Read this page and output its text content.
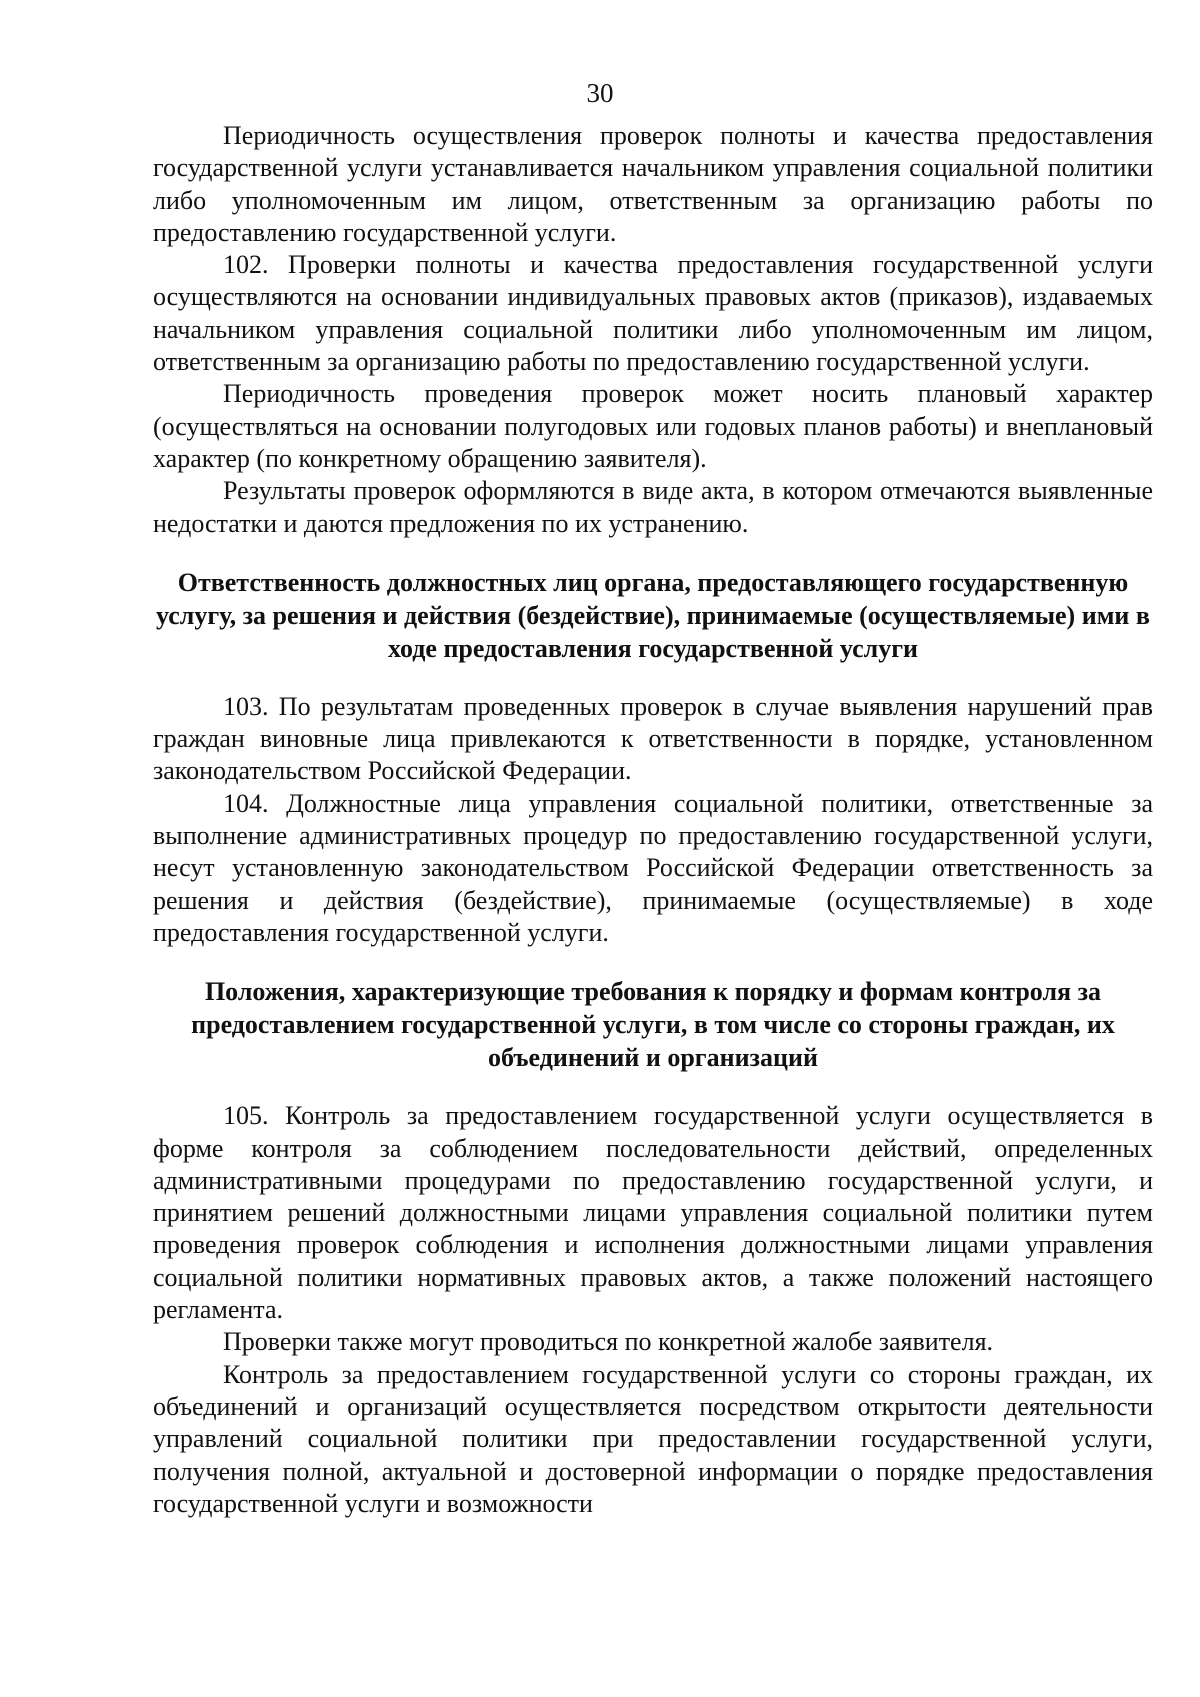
30

Периодичность осуществления проверок полноты и качества предоставления государственной услуги устанавливается начальником управления социальной политики либо уполномоченным им лицом, ответственным за организацию работы по предоставлению государственной услуги.

102. Проверки полноты и качества предоставления государственной услуги осуществляются на основании индивидуальных правовых актов (приказов), издаваемых начальником управления социальной политики либо уполномоченным им лицом, ответственным за организацию работы по предоставлению государственной услуги.

Периодичность проведения проверок может носить плановый характер (осуществляться на основании полугодовых или годовых планов работы) и внеплановый характер (по конкретному обращению заявителя).

Результаты проверок оформляются в виде акта, в котором отмечаются выявленные недостатки и даются предложения по их устранению.

Ответственность должностных лиц органа, предоставляющего государственную услугу, за решения и действия (бездействие), принимаемые (осуществляемые) ими в ходе предоставления государственной услуги

103. По результатам проведенных проверок в случае выявления нарушений прав граждан виновные лица привлекаются к ответственности в порядке, установленном законодательством Российской Федерации.

104. Должностные лица управления социальной политики, ответственные за выполнение административных процедур по предоставлению государственной услуги, несут установленную законодательством Российской Федерации ответственность за решения и действия (бездействие), принимаемые (осуществляемые) в ходе предоставления государственной услуги.

Положения, характеризующие требования к порядку и формам контроля за предоставлением государственной услуги, в том числе со стороны граждан, их объединений и организаций

105. Контроль за предоставлением государственной услуги осуществляется в форме контроля за соблюдением последовательности действий, определенных административными процедурами по предоставлению государственной услуги, и принятием решений должностными лицами управления социальной политики путем проведения проверок соблюдения и исполнения должностными лицами управления социальной политики нормативных правовых актов, а также положений настоящего регламента.

Проверки также могут проводиться по конкретной жалобе заявителя.

Контроль за предоставлением государственной услуги со стороны граждан, их объединений и организаций осуществляется посредством открытости деятельности управлений социальной политики при предоставлении государственной услуги, получения полной, актуальной и достоверной информации о порядке предоставления государственной услуги и возможности
